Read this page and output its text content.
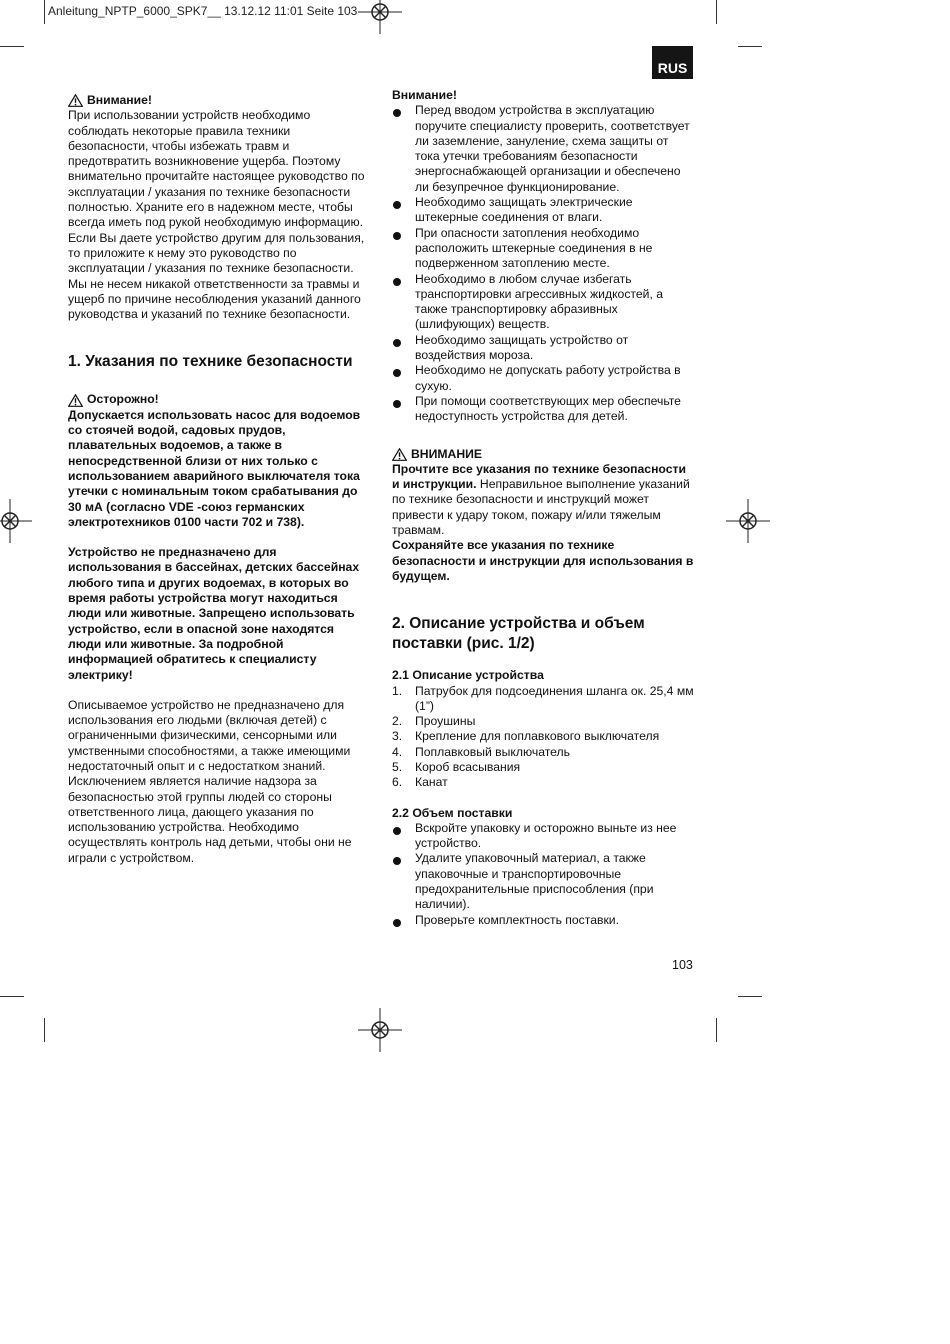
Anleitung_NPTP_6000_SPK7__ 13.12.12 11:01 Seite 103
RUS
Внимание!

При использовании устройств необходимо соблюдать некоторые правила техники безопасности, чтобы избежать травм и предотвратить возникновение ущерба. Поэтому внимательно прочитайте настоящее руководство по эксплуатации / указания по технике безопасности полностью. Храните его в надежном месте, чтобы всегда иметь под рукой необходимую информацию. Если Вы даете устройство другим для пользования, то приложите к нему это руководство по эксплуатации / указания по технике безопасности. Мы не несем никакой ответственности за травмы и ущерб по причине несоблюдения указаний данного руководства и указаний по технике безопасности.

1. Указания по технике безопасности
Осторожно!

Допускается использовать насос для водоемов со стоячей водой, садовых прудов, плавательных водоемов, а также в непосредственной близи от них только с использованием аварийного выключателя тока утечки с номинальным током срабатывания до 30 мА (согласно VDE -союз германских электротехников 0100 части 702 и 738).

Устройство не предназначено для использования в бассейнах, детских бассейнах любого типа и других водоемах, в которых во время работы устройства могут находиться люди или животные. Запрещено использовать устройство, если в опасной зоне находятся люди или животные. За подробной информацией обратитесь к специалисту электрику!

Описываемое устройство не предназначено для использования его людьми (включая детей) с ограниченными физическими, сенсорными или умственными способностями, а также имеющими недостаточный опыт и с недостатком знаний. Исключением является наличие надзора за безопасностью этой группы людей со стороны ответственного лица, дающего указания по использованию устройства. Необходимо осуществлять контроль над детьми, чтобы они не играли с устройством.

Внимание!
Перед вводом устройства в эксплуатацию поручите специалисту проверить, соответствует ли заземление, зануление, схема защиты от тока утечки требованиям безопасности энергоснабжающей организации и обеспечено ли безупречное функционирование.
Необходимо защищать электрические штекерные соединения от влаги.
При опасности затопления необходимо расположить штекерные соединения в не подверженном затоплению месте.
Необходимо в любом случае избегать транспортировки агрессивных жидкостей, а также транспортировку абразивных (шлифующих) веществ.
Необходимо защищать устройство от воздействия мороза.
Необходимо не допускать работу устройства в сухую.
При помощи соответствующих мер обеспечьте недоступность устройства для детей.
ВНИМАНИЕ

Прочтите все указания по технике безопасности и инструкции. Неправильное выполнение указаний по технике безопасности и инструкций может привести к удару током, пожару и/или тяжелым травмам.

Сохраняйте все указания по технике безопасности и инструкции для использования в будущем.

2. Описание устройства и объем поставки (рис. 1/2)
2.1 Описание устройства
1.	Патрубок для подсоединения шланга ок. 25,4 мм (1”)
2.	Проушины
3.	Крепление для поплавкового выключателя
4.	Поплавковый выключатель
5.	Короб всасывания
6.	Канат
2.2 Объем поставки
Вскройте упаковку и осторожно выньте из нее устройство.
Удалите упаковочный материал, а также упаковочные и транспортировочные предохранительные приспособления (при наличии).
Проверьте комплектность поставки.
103
